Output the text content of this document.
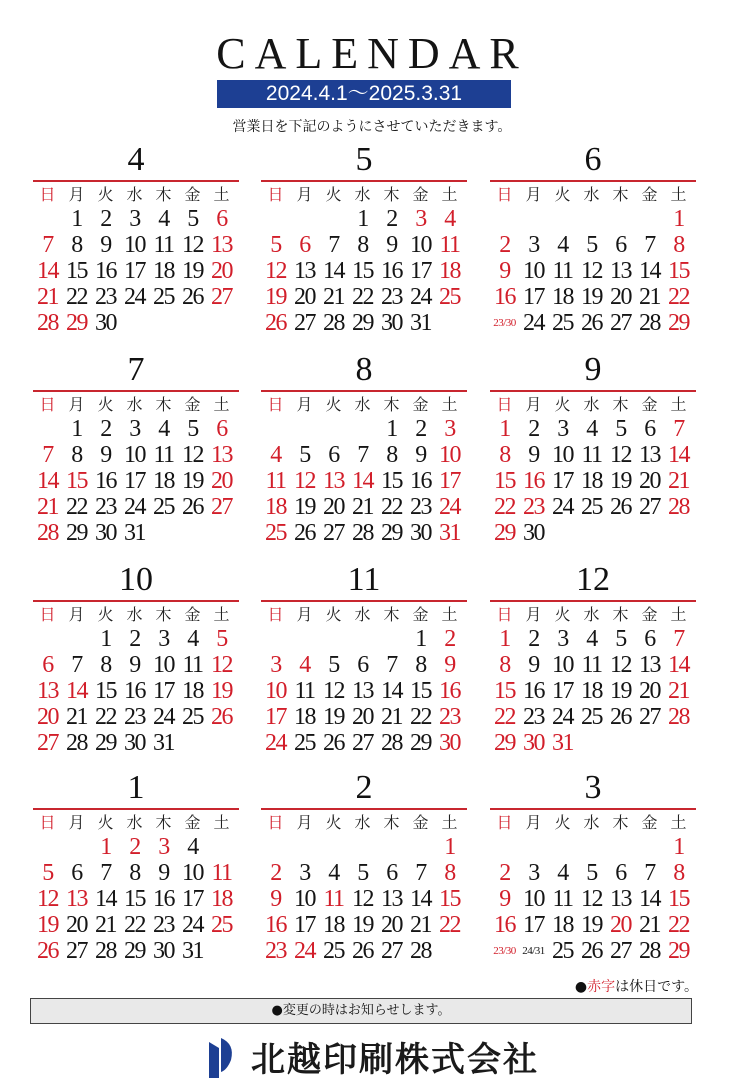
CALENDAR
2024.4.1～2025.3.31
営業日を下記のようにさせていただきます。
4
日 月 火 水 木 金 土
1 2 3 4 5 6
7 8 9 10 11 12 13
14 15 16 17 18 19 20
21 22 23 24 25 26 27
28 29 30
5
日 月 火 水 木 金 土
1 2 3 4
5 6 7 8 9 10 11
12 13 14 15 16 17 18
19 20 21 22 23 24 25
26 27 28 29 30 31
6
日 月 火 水 木 金 土
1
2 3 4 5 6 7 8
9 10 11 12 13 14 15
16 17 18 19 20 21 22
23/30 24 25 26 27 28 29
7
日 月 火 水 木 金 土
1 2 3 4 5 6
7 8 9 10 11 12 13
14 15 16 17 18 19 20
21 22 23 24 25 26 27
28 29 30 31
8
日 月 火 水 木 金 土
1 2 3
4 5 6 7 8 9 10
11 12 13 14 15 16 17
18 19 20 21 22 23 24
25 26 27 28 29 30 31
9
日 月 火 水 木 金 土
1 2 3 4 5 6 7
8 9 10 11 12 13 14
15 16 17 18 19 20 21
22 23 24 25 26 27 28
29 30
10
日 月 火 水 木 金 土
1 2 3 4 5
6 7 8 9 10 11 12
13 14 15 16 17 18 19
20 21 22 23 24 25 26
27 28 29 30 31
11
日 月 火 水 木 金 土
1 2
3 4 5 6 7 8 9
10 11 12 13 14 15 16
17 18 19 20 21 22 23
24 25 26 27 28 29 30
12
日 月 火 水 木 金 土
1 2 3 4 5 6 7
8 9 10 11 12 13 14
15 16 17 18 19 20 21
22 23 24 25 26 27 28
29 30 31
1
日 月 火 水 木 金 土
1 2 3 4
5 6 7 8 9 10 11
12 13 14 15 16 17 18
19 20 21 22 23 24 25
26 27 28 29 30 31
2
日 月 火 水 木 金 土
1
2 3 4 5 6 7 8
9 10 11 12 13 14 15
16 17 18 19 20 21 22
23 24 25 26 27 28
3
日 月 火 水 木 金 土
1
2 3 4 5 6 7 8
9 10 11 12 13 14 15
16 17 18 19 20 21 22
23/30 24/31 25 26 27 28 29
●赤字は休日です。
●変更の時はお知らせします。
北越印刷株式会社
